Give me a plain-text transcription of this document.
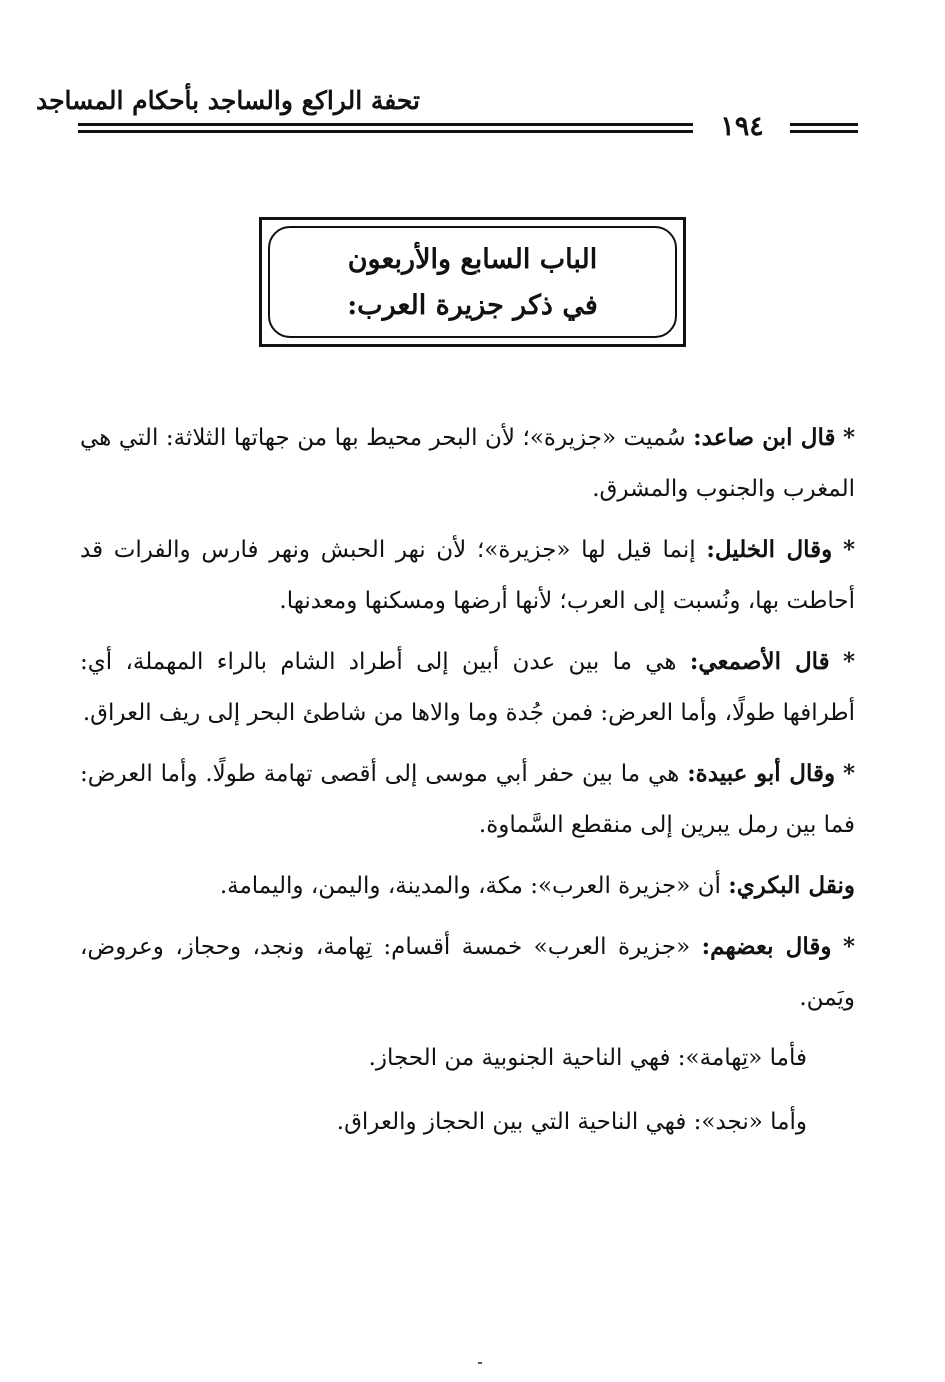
تحفة الراكع والساجد بأحكام المساجد
١٩٤
الباب السابع والأربعون
في ذكر جزيرة العرب:

* قال ابن صاعد: سُميت «جزيرة»؛ لأن البحر محيط بها من جهاتها الثلاثة: التي هي المغرب والجنوب والمشرق.

* وقال الخليل: إنما قيل لها «جزيرة»؛ لأن نهر الحبش ونهر فارس والفرات قد أحاطت بها، ونُسبت إلى العرب؛ لأنها أرضها ومسكنها ومعدنها.

* قال الأصمعي: هي ما بين عدن أبين إلى أطراد الشام بالراء المهملة، أي: أطرافها طولًا، وأما العرض: فمن جُدة وما والاها من شاطئ البحر إلى ريف العراق.

* وقال أبو عبيدة: هي ما بين حفر أبي موسى إلى أقصى تهامة طولًا. وأما العرض: فما بين رمل يبرين إلى منقطع السَّماوة.

ونقل البكري: أن «جزيرة العرب»: مكة، والمدينة، واليمن، واليمامة.

* وقال بعضهم: «جزيرة العرب» خمسة أقسام: تِهامة، ونجد، وحجاز، وعروض، ويَمن.

فأما «تِهامة»: فهي الناحية الجنوبية من الحجاز.

وأما «نجد»: فهي الناحية التي بين الحجاز والعراق.
